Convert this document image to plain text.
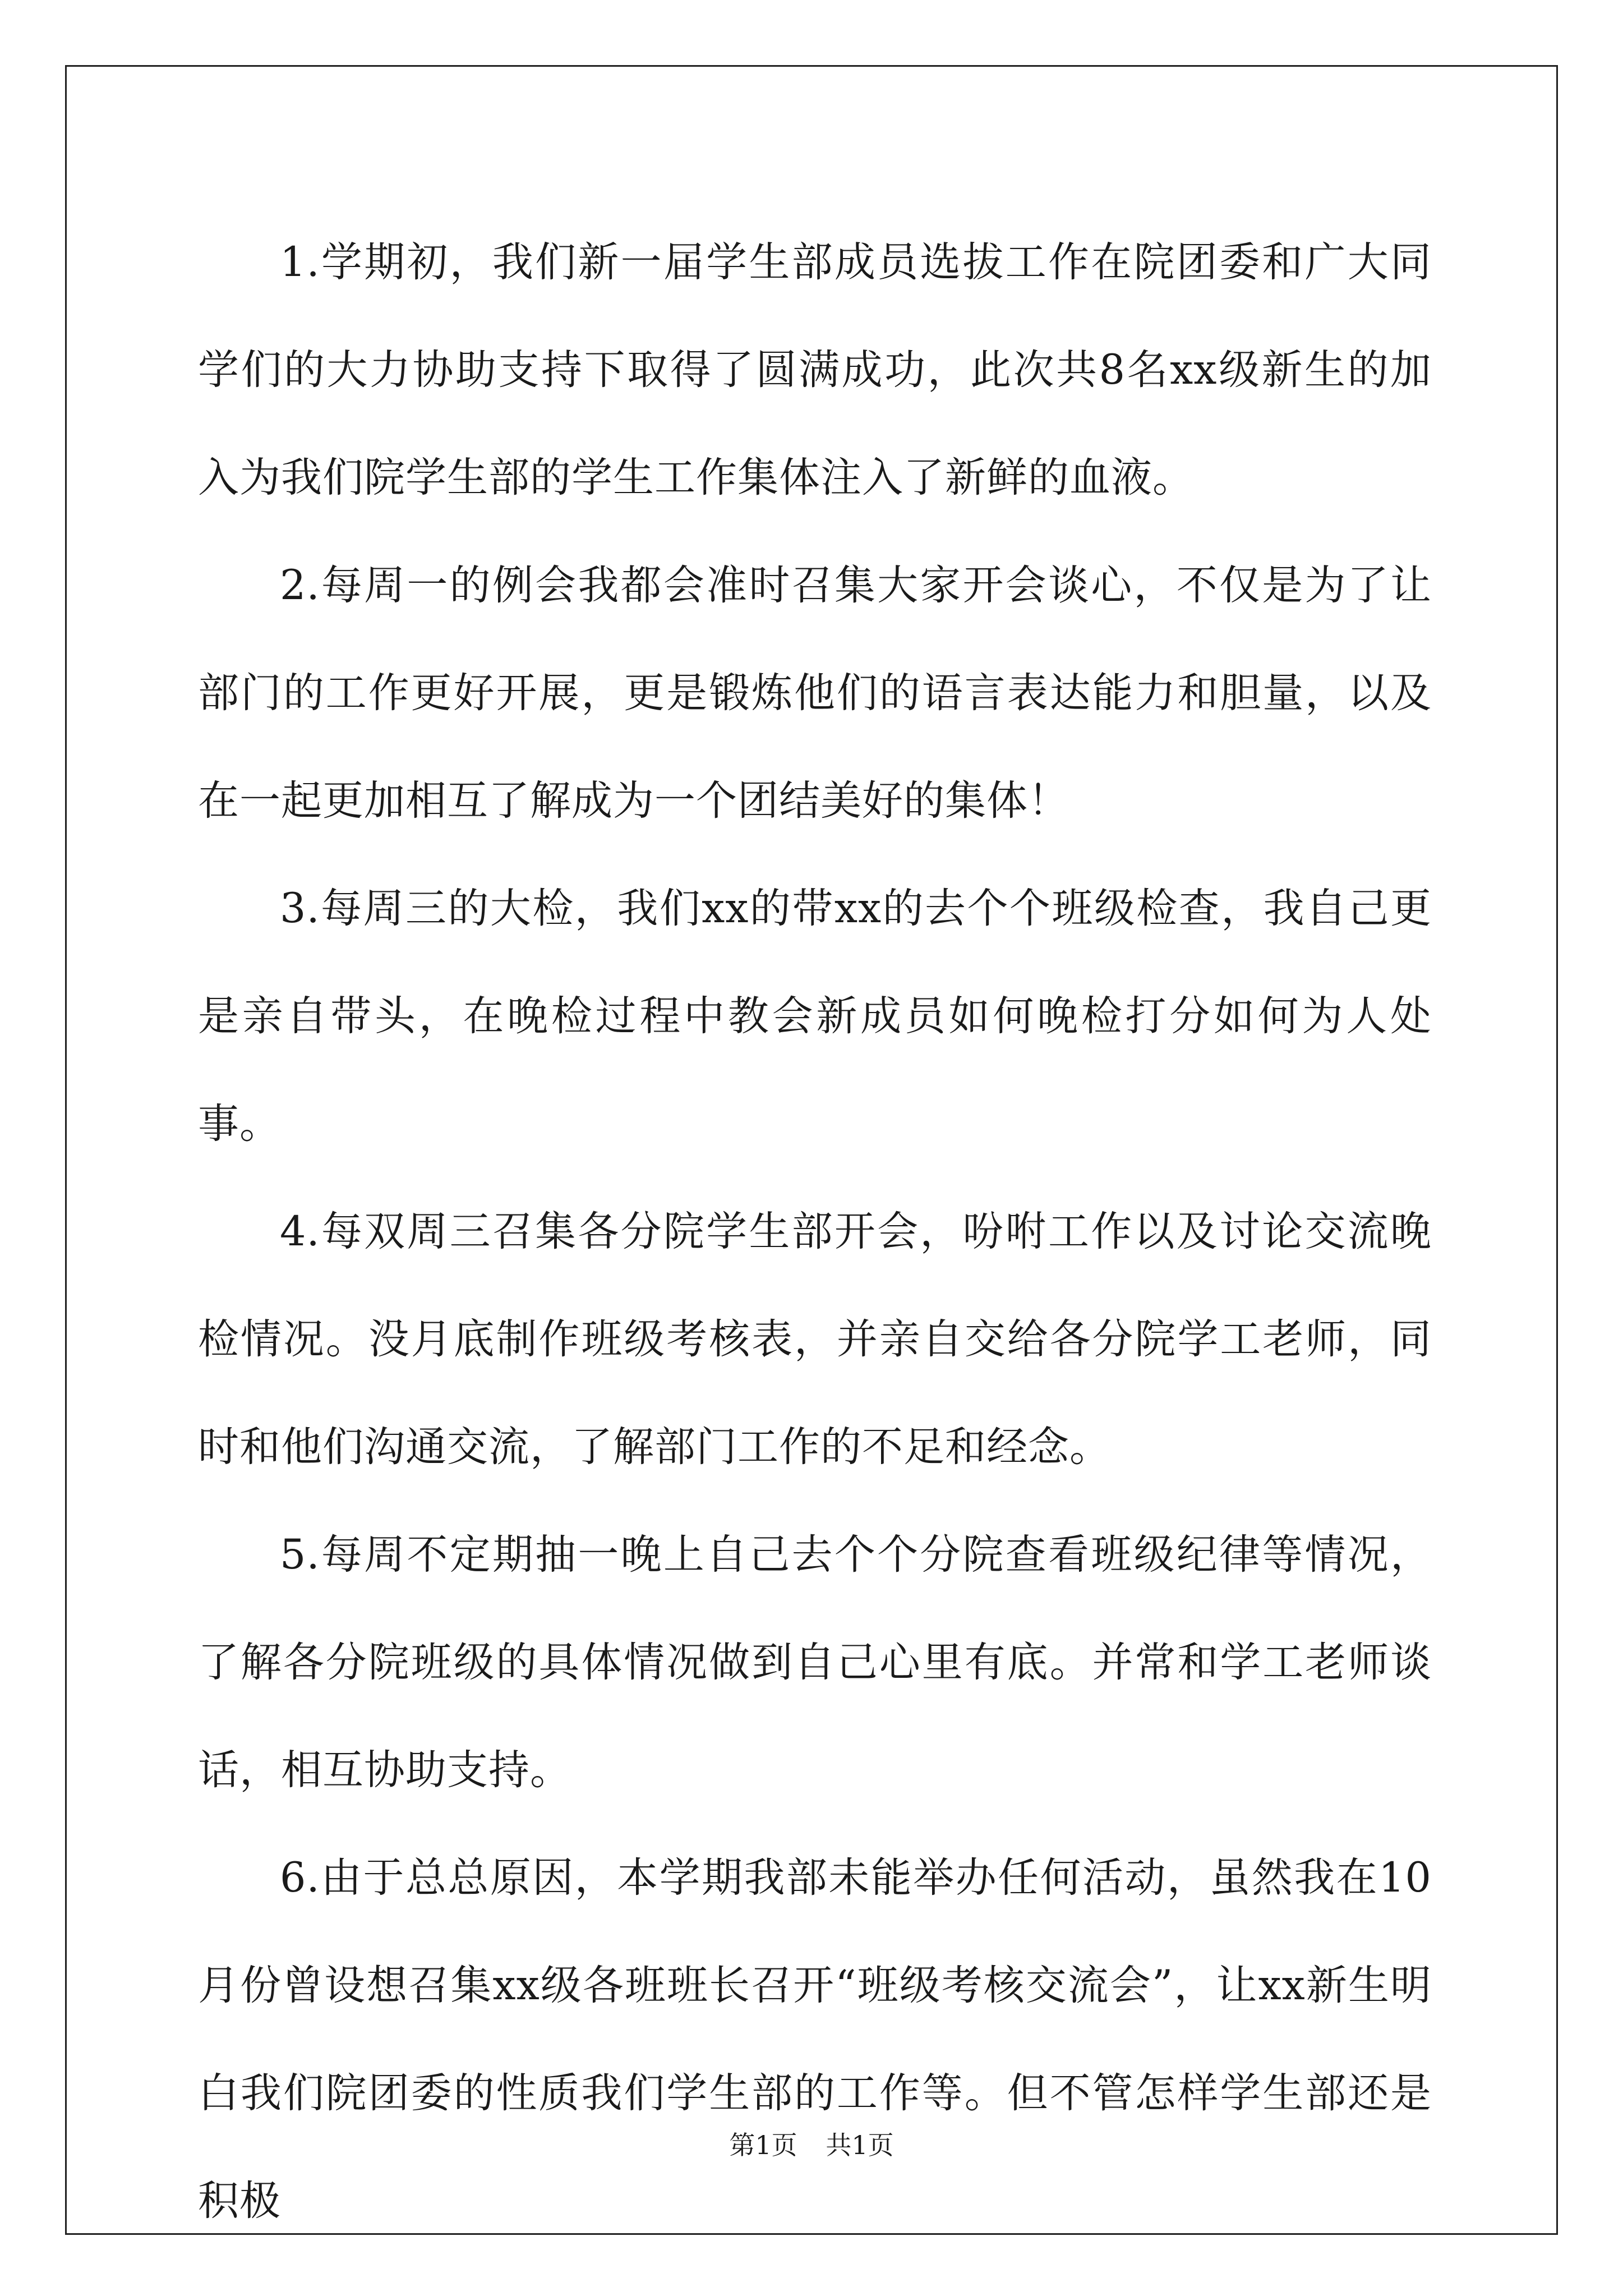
1.学期初，我们新一届学生部成员选拔工作在院团委和广大同学们的大力协助支持下取得了圆满成功，此次共8名xx级新生的加入为我们院学生部的学生工作集体注入了新鲜的血液。

2.每周一的例会我都会准时召集大家开会谈心，不仅是为了让部门的工作更好开展，更是锻炼他们的语言表达能力和胆量，以及在一起更加相互了解成为一个团结美好的集体！

3.每周三的大检，我们xx的带xx的去个个班级检查，我自己更是亲自带头，在晚检过程中教会新成员如何晚检打分如何为人处事。

4.每双周三召集各分院学生部开会，吩咐工作以及讨论交流晚检情况。没月底制作班级考核表，并亲自交给各分院学工老师，同时和他们沟通交流，了解部门工作的不足和经念。

5.每周不定期抽一晚上自己去个个分院查看班级纪律等情况，了解各分院班级的具体情况做到自己心里有底。并常和学工老师谈话，相互协助支持。

6.由于总总原因，本学期我部未能举办任何活动，虽然我在10月份曾设想召集xx级各班班长召开“班级考核交流会”，让xx新生明白我们院团委的性质我们学生部的工作等。但不管怎样学生部还是积极

第1页 共1页
